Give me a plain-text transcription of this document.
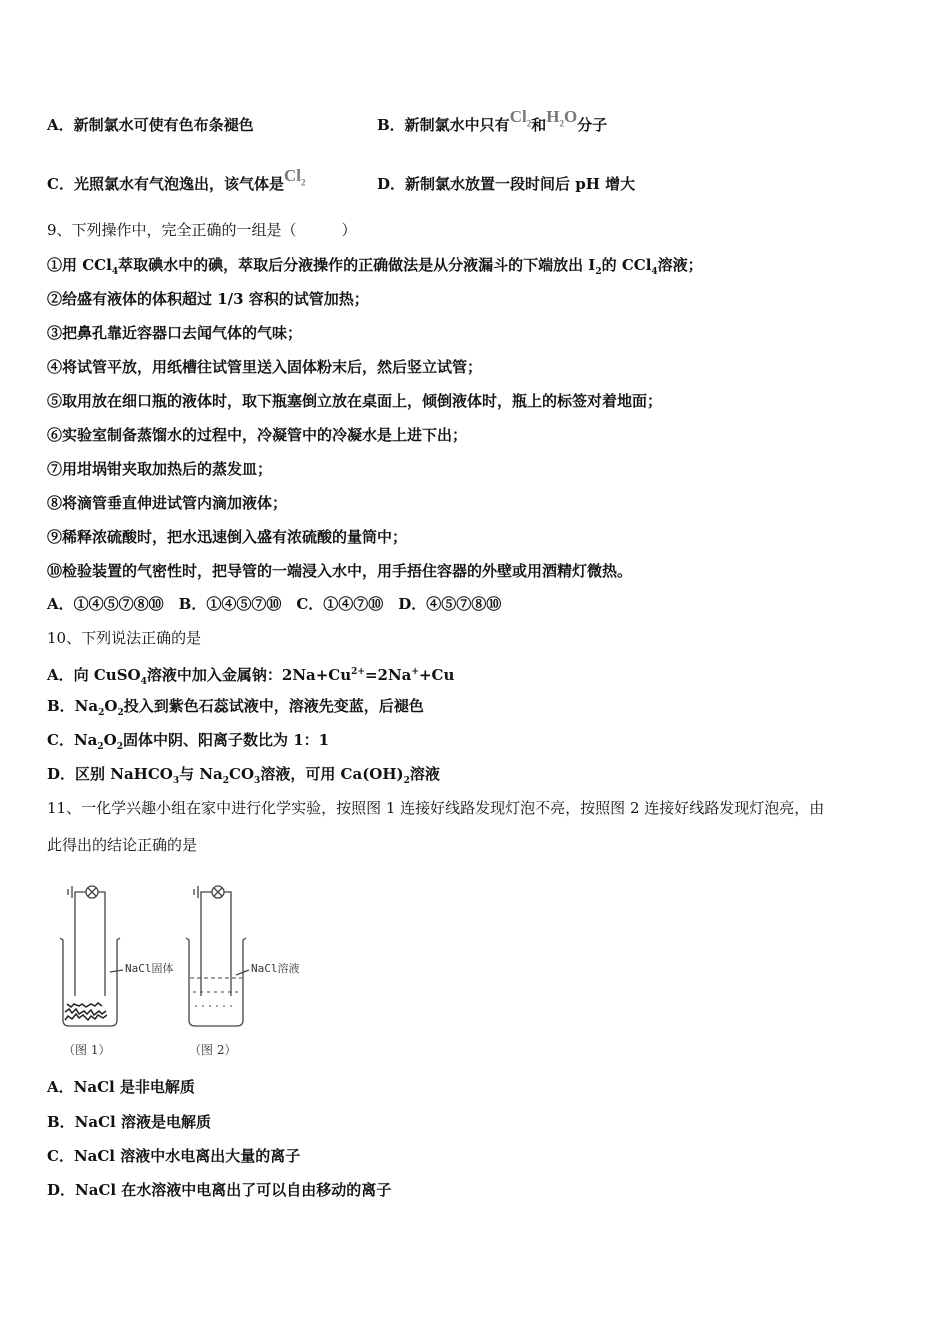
A．新制氯水可使有色布条褪色	B．新制氯水中只有$Cl_2$和$H_2O$分子
C．光照氯水有气泡逸出，该气体是$Cl_2$	D．新制氯水放置一段时间后 pH 增大
9、下列操作中，完全正确的一组是（　　　）
①用 CCl$_4$萃取碘水中的碘，萃取后分液操作的正确做法是从分液漏斗的下端放出 $I_2$的 CCl$_4$溶液；
②给盛有液体的体积超过 1/3 容积的试管加热；
③把鼻孔靠近容器口去闻气体的气味；
④将试管平放，用纸槽往试管里送入固体粉末后，然后竖立试管；
⑤取用放在细口瓶的液体时，取下瓶塞倒立放在桌面上，倾倒液体时，瓶上的标签对着地面；
⑥实验室制备蒸馏水的过程中，冷凝管中的冷凝水是上进下出；
⑦用坩埚钳夹取加热后的蒸发皿；
⑧将滴管垂直伸进试管内滴加液体；
⑨稀释浓硫酸时，把水迅速倒入盛有浓硫酸的量筒中；
⑩检验装置的气密性时，把导管的一端浸入水中，用手捂住容器的外壁或用酒精灯微热。
A．①④⑤⑦⑧⑩　B．①④⑤⑦⑩　C．①④⑦⑩　D．④⑤⑦⑧⑩
10、下列说法正确的是
A．向 CuSO$_4$溶液中加入金属钠：$2Na+Cu^{2+}=2Na^++Cu$
B．$Na_2O_2$投入到紫色石蕊试液中，溶液先变蓝，后褪色
C．$Na_2O_2$固体中阴、阳离子数比为 1：1
D．区别 NaHCO$_3$与 $Na_2CO_3$溶液，可用 $Ca(OH)_2$溶液
11、一化学兴趣小组在家中进行化学实验，按照图 1 连接好线路发现灯泡不亮，按照图 2 连接好线路发现灯泡亮，由
此得出的结论正确的是
NaCl固体	NaCl溶液
（图 1）	（图 2）
A．NaCl 是非电解质
B．NaCl 溶液是电解质
C．NaCl 溶液中水电离出大量的离子
D．NaCl 在水溶液中电离出了可以自由移动的离子
